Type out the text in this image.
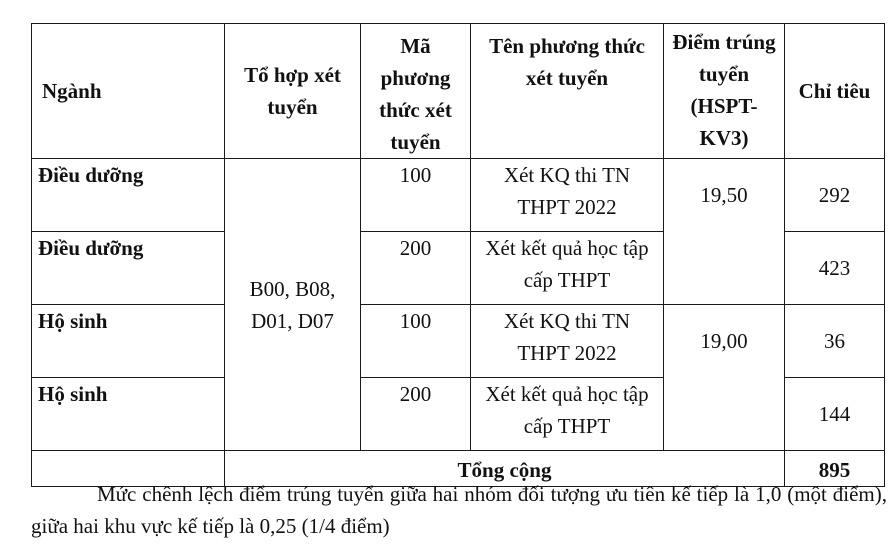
Ngành	Tổ hợp xét tuyển	Mã phương thức xét tuyển	Tên phương thức xét tuyển	Điểm trúng tuyển (HSPT-KV3)	Chỉ tiêu
Điều dưỡng	B00, B08, D01, D07	100	Xét KQ thi TN THPT 2022	19,50	292
Điều dưỡng		200	Xét kết quả học tập cấp THPT		423
Hộ sinh		100	Xét KQ thi TN THPT 2022	19,00	36
Hộ sinh		200	Xét kết quả học tập cấp THPT		144
	Tổng cộng				895

Mức chênh lệch điểm trúng tuyển giữa hai nhóm đối tượng ưu tiên kế tiếp là 1,0 (một điểm), giữa hai khu vực kế tiếp là 0,25 (1/4 điểm)
